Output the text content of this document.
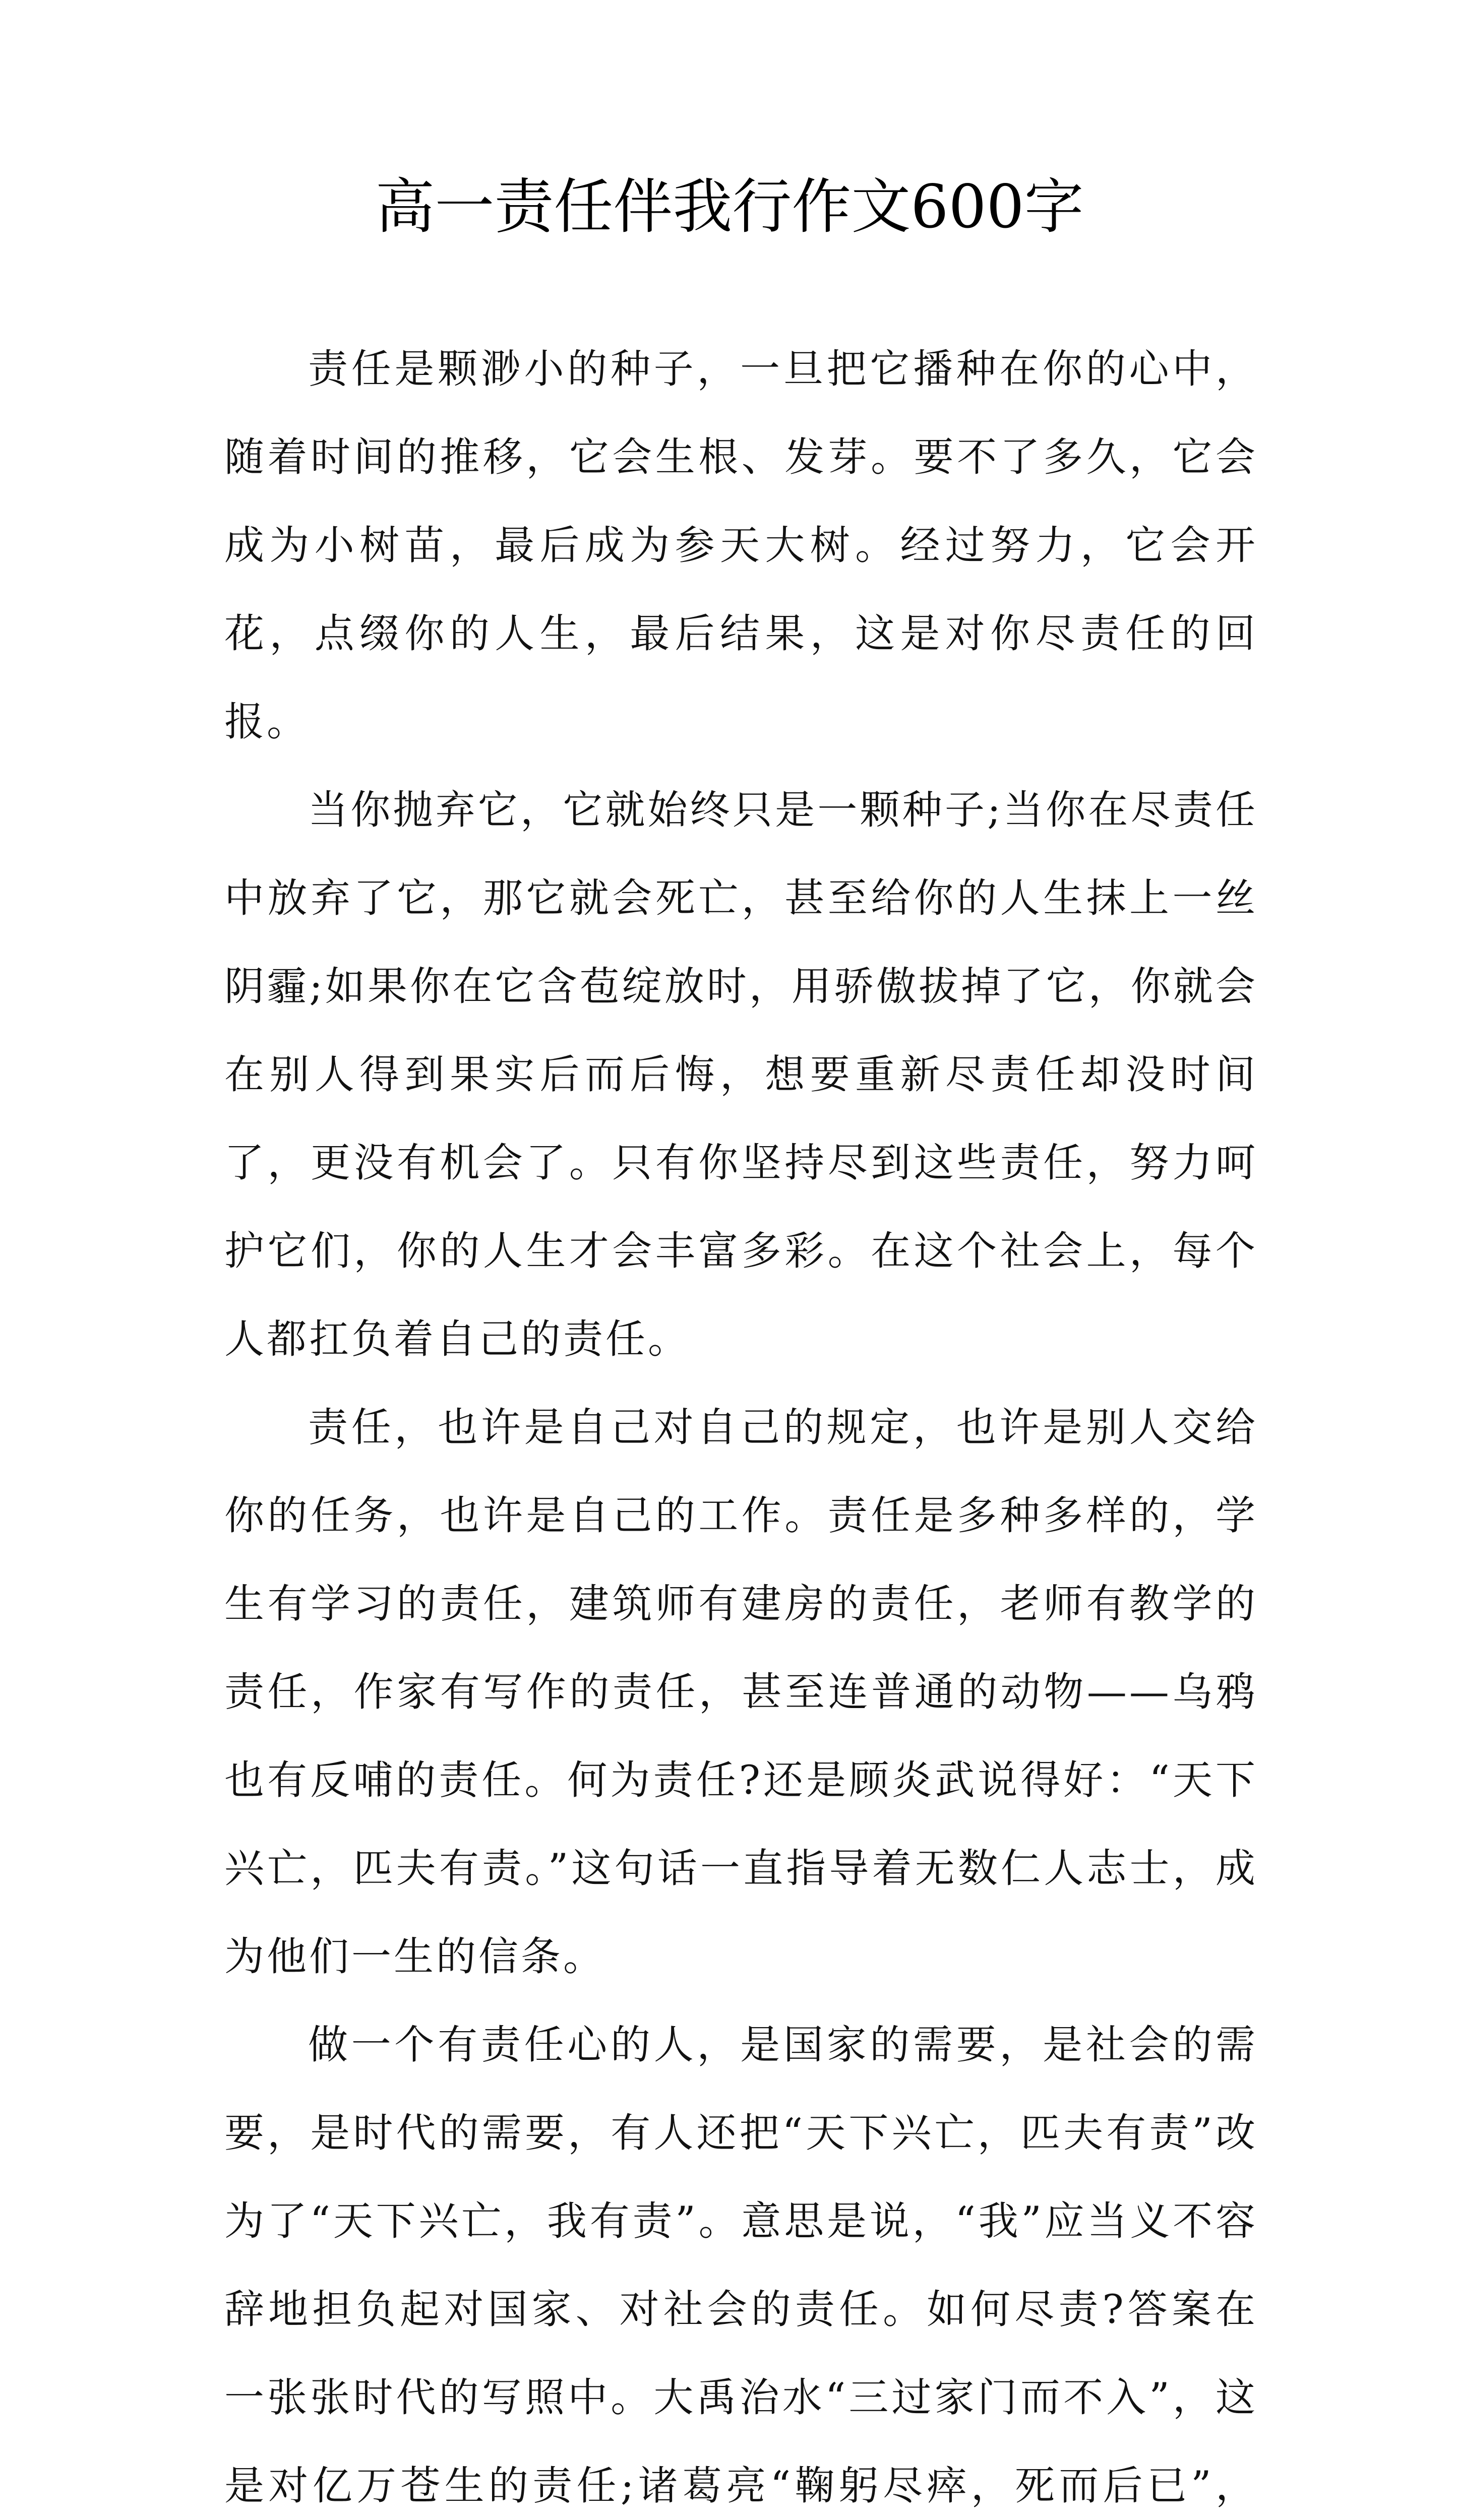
高一责任伴我行作文600字

责任是颗渺小的种子，一旦把它播种在你的心中，随着时间的推移，它会生根、发芽。要不了多久，它会成为小树苗，最后成为参天大树。经过努力，它会开花，点缀你的人生，最后结果，这是对你尽责任的回报。

当你抛弃它，它就始终只是一颗种子;当你在尽责任中放弃了它，那它就会死亡，甚至给你的人生抹上一丝阴霾;如果你在它含苞绽放时，用骄傲拔掉了它，你就会在别人得到果实后而后悔，想要重新尽责任却没时间了，更没有机会了。只有你坚持尽到这些责任，努力呵护它们，你的人生才会丰富多彩。在这个社会上，每个人都扛负着自己的责任。

责任，也许是自己对自己的规定，也许是别人交给你的任务，也许是自己的工作。责任是多种多样的，学生有学习的责任，建筑师有建房的责任，老师有教学的责任，作家有写作的责任，甚至连普通的动物——乌鸦也有反哺的责任。何为责任?还是顾炎武说得好：“天下兴亡，匹夫有责。”这句话一直指导着无数仁人志士，成为他们一生的信条。

做一个有责任心的人，是国家的需要，是社会的需要，是时代的需要，有人还把“天下兴亡，匹夫有责”改为了“天下兴亡，我有责”。意思是说，“我”应当义不容辞地担负起对国家、对社会的责任。如何尽责?答案在一张张时代的写照中。大禹治水“三过家门而不入”，这是对亿万苍生的责任;诸葛亮“鞠躬尽瘁，死而后已”，
